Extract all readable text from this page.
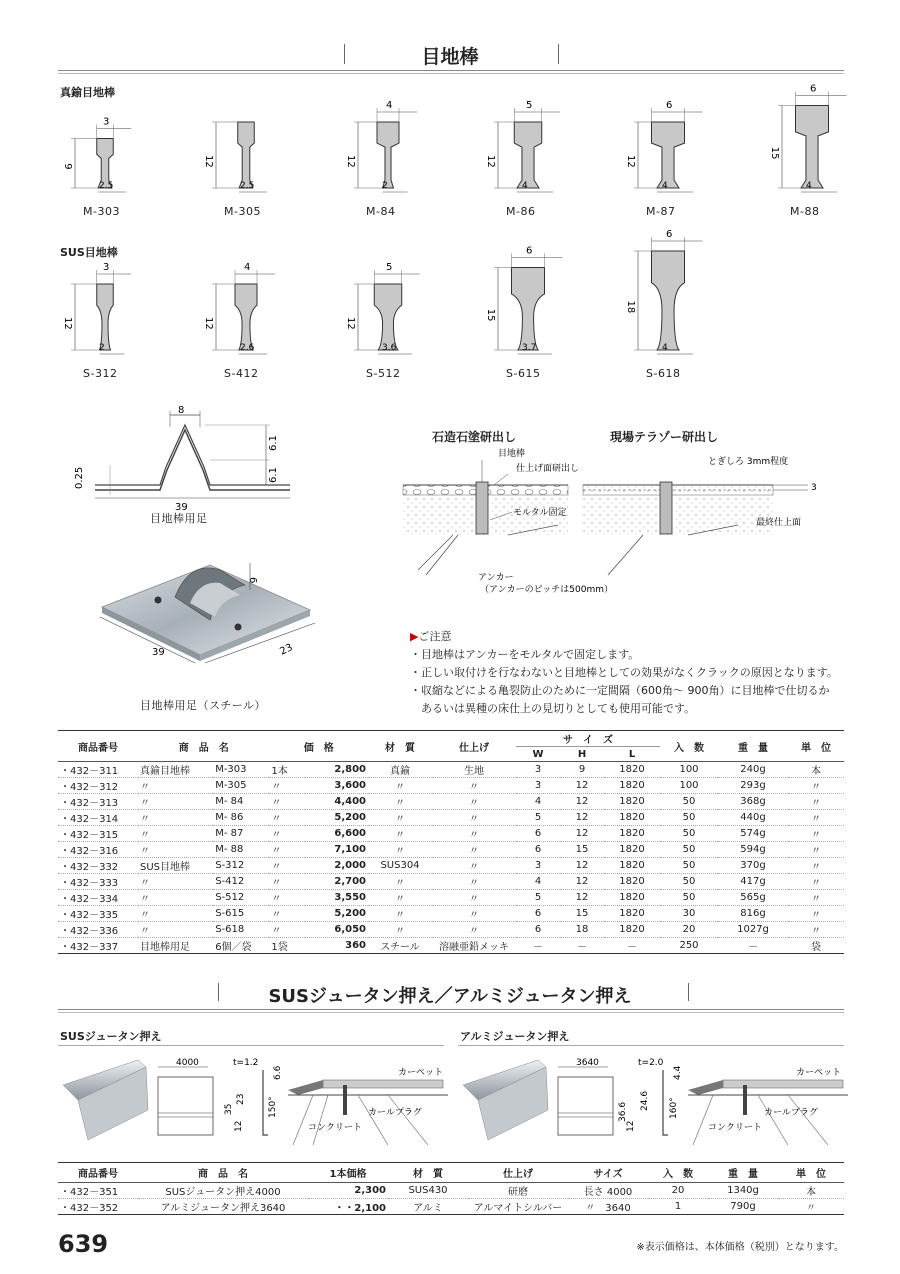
目地棒
真鍮目地棒
SUS目地棒
3
9
2.5
12
2.5
4
12
2
5
12
4
6
12
4
6
15
4
3
12
2
4
12
2.6
5
12
3.6
6
15
3.7
6
18
4
M-303	M-305	M-84	M-86	M-87	M-88
S-312	S-412	S-512	S-615	S-618
8
6.1
6.1
0.25
39
目地棒用足
39	23
6
目地棒用足（スチール）
石造石塗研出し	現場テラゾー研出し
目地棒
仕上げ面研出し
モルタル固定
アンカー
（アンカーのピッチは500mm）
とぎしろ 3mm程度
3
最終仕上面
▶ご注意
・目地棒はアンカーをモルタルで固定します。
・正しい取付けを行なわないと目地棒としての効果がなくクラックの原因となります。
・収縮などによる亀裂防止のために一定間隔（600角～ 900角）に目地棒で仕切るか
　あるいは異種の床仕上の見切りとしても使用可能です。
商品番号	商　品　名		価　格		材　質	仕上げ	サ　イ　ズ			入　数	重　量	単　位
							W	H	L			
・432－311	真鍮目地棒	M-303	1本	2,800	真鍮	生地	3	9	1820	100	240g	本
・432－312	〃	M-305	〃	3,600	〃	〃	3	12	1820	100	293g	〃
・432－313	〃	M- 84	〃	4,400	〃	〃	4	12	1820	50	368g	〃
・432－314	〃	M- 86	〃	5,200	〃	〃	5	12	1820	50	440g	〃
・432－315	〃	M- 87	〃	6,600	〃	〃	6	12	1820	50	574g	〃
・432－316	〃	M- 88	〃	7,100	〃	〃	6	15	1820	50	594g	〃
・432－332	SUS目地棒	S-312	〃	2,000	SUS304	〃	3	12	1820	50	370g	〃
・432－333	〃	S-412	〃	2,700	〃	〃	4	12	1820	50	417g	〃
・432－334	〃	S-512	〃	3,550	〃	〃	5	12	1820	50	565g	〃
・432－335	〃	S-615	〃	5,200	〃	〃	6	15	1820	30	816g	〃
・432－336	〃	S-618	〃	6,050	〃	〃	6	18	1820	20	1027g	〃
・432－337	目地棒用足	6個／袋	1袋	360	スチール	溶融亜鉛メッキ	－	－	－	250	－	袋
SUSジュータン押え／アルミジュータン押え
SUSジュータン押え	アルミジュータン押え
4000	t=1.2
35
23
12
150°
6.6	カーペット
カールプラグ
コンクリート
3640	t=2.0
36.6
24.6
12
160°
4.4	カーペット
カールプラグ
コンクリート
商品番号	商　品　名	1本価格	材　質	仕上げ	サイズ	入　数	重　量	単　位
・432－351	SUSジュータン押え4000	2,300	SUS430	研磨	長さ 4000	20	1340g	本
・432－352	アルミジュータン押え3640	・・2,100	アルミ	アルマイトシルバー	〃　3640	1	790g	〃
639	※表示価格は、本体価格（税別）となります。
